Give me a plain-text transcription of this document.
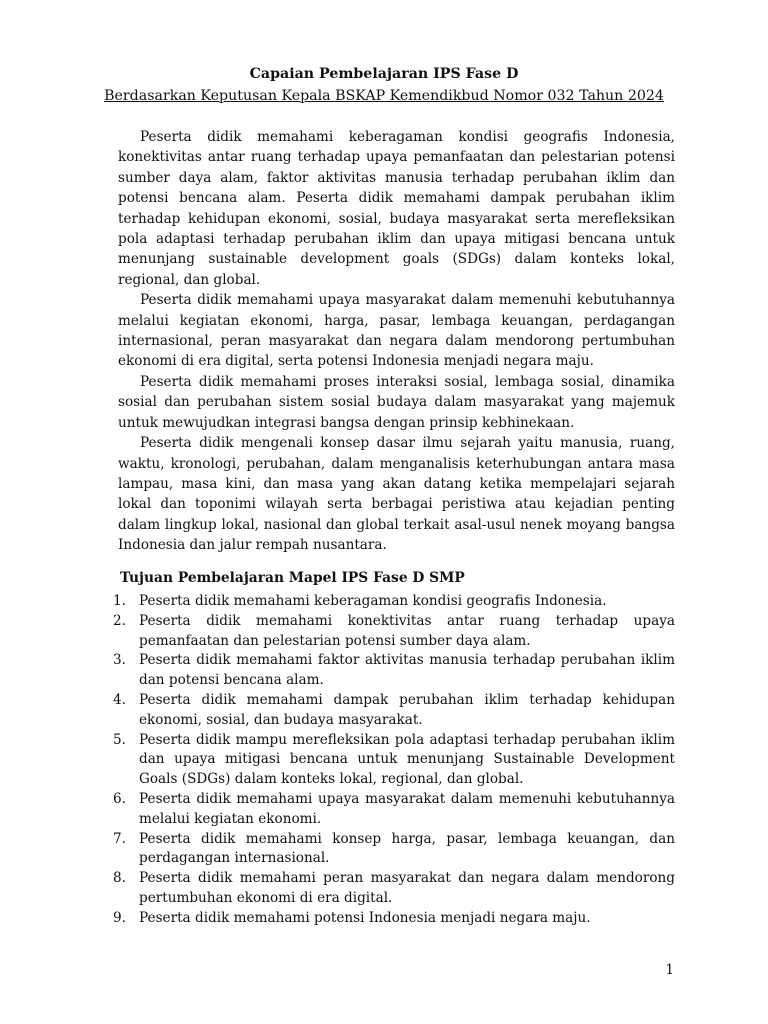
Capaian Pembelajaran IPS Fase D
Berdasarkan Keputusan Kepala BSKAP Kemendikbud Nomor 032 Tahun 2024

Peserta didik memahami keberagaman kondisi geografis Indonesia, konektivitas antar ruang terhadap upaya pemanfaatan dan pelestarian potensi sumber daya alam, faktor aktivitas manusia terhadap perubahan iklim dan potensi bencana alam. Peserta didik memahami dampak perubahan iklim terhadap kehidupan ekonomi, sosial, budaya masyarakat serta merefleksikan pola adaptasi terhadap perubahan iklim dan upaya mitigasi bencana untuk menunjang sustainable development goals (SDGs) dalam konteks lokal, regional, dan global.

Peserta didik memahami upaya masyarakat dalam memenuhi kebutuhannya melalui kegiatan ekonomi, harga, pasar, lembaga keuangan, perdagangan internasional, peran masyarakat dan negara dalam mendorong pertumbuhan ekonomi di era digital, serta potensi Indonesia menjadi negara maju.

Peserta didik memahami proses interaksi sosial, lembaga sosial, dinamika sosial dan perubahan sistem sosial budaya dalam masyarakat yang majemuk untuk mewujudkan integrasi bangsa dengan prinsip kebhinekaan.

Peserta didik mengenali konsep dasar ilmu sejarah yaitu manusia, ruang, waktu, kronologi, perubahan, dalam menganalisis keterhubungan antara masa lampau, masa kini, dan masa yang akan datang ketika mempelajari sejarah lokal dan toponimi wilayah serta berbagai peristiwa atau kejadian penting dalam lingkup lokal, nasional dan global terkait asal-usul nenek moyang bangsa Indonesia dan jalur rempah nusantara.

Tujuan Pembelajaran Mapel IPS Fase D SMP
1. Peserta didik memahami keberagaman kondisi geografis Indonesia.
2. Peserta didik memahami konektivitas antar ruang terhadap upaya pemanfaatan dan pelestarian potensi sumber daya alam.
3. Peserta didik memahami faktor aktivitas manusia terhadap perubahan iklim dan potensi bencana alam.
4. Peserta didik memahami dampak perubahan iklim terhadap kehidupan ekonomi, sosial, dan budaya masyarakat.
5. Peserta didik mampu merefleksikan pola adaptasi terhadap perubahan iklim dan upaya mitigasi bencana untuk menunjang Sustainable Development Goals (SDGs) dalam konteks lokal, regional, dan global.
6. Peserta didik memahami upaya masyarakat dalam memenuhi kebutuhannya melalui kegiatan ekonomi.
7. Peserta didik memahami konsep harga, pasar, lembaga keuangan, dan perdagangan internasional.
8. Peserta didik memahami peran masyarakat dan negara dalam mendorong pertumbuhan ekonomi di era digital.
9. Peserta didik memahami potensi Indonesia menjadi negara maju.
1
